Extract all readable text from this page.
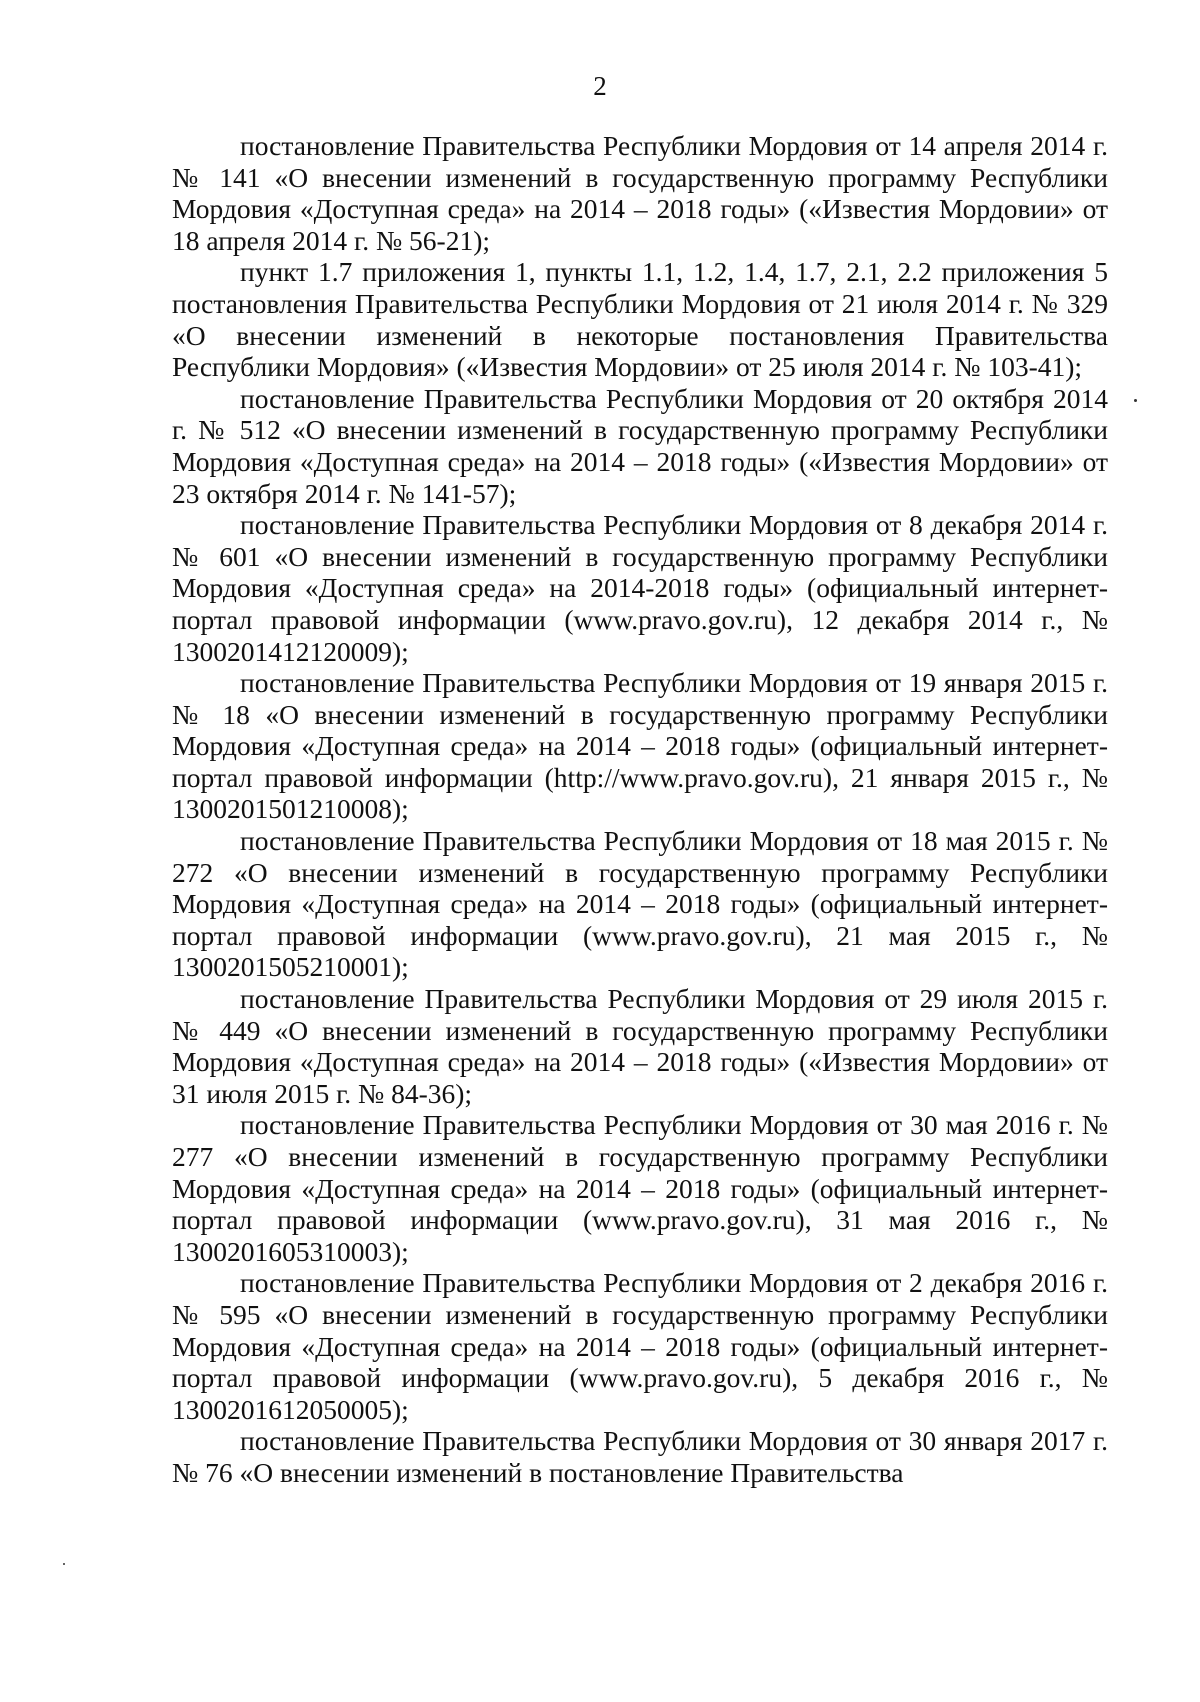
2

постановление Правительства Республики Мордовия от 14 апреля 2014 г. № 141 «О внесении изменений в государственную программу Республики Мордовия «Доступная среда» на 2014 – 2018 годы» («Известия Мордовии» от 18 апреля 2014 г. № 56-21);

пункт 1.7 приложения 1, пункты 1.1, 1.2, 1.4, 1.7, 2.1, 2.2 приложения 5 постановления Правительства Республики Мордовия от 21 июля 2014 г. № 329 «О внесении изменений в некоторые постановления Правительства Республики Мордовия» («Известия Мордовии» от 25 июля 2014 г. № 103-41);

постановление Правительства Республики Мордовия от 20 октября 2014 г. № 512 «О внесении изменений в государственную программу Республики Мордовия «Доступная среда» на 2014 – 2018 годы» («Известия Мордовии» от 23 октября 2014 г. № 141-57);

постановление Правительства Республики Мордовия от 8 декабря 2014 г. № 601 «О внесении изменений в государственную программу Республики Мордовия «Доступная среда» на 2014-2018 годы» (официальный интернет-портал правовой информации (www.pravo.gov.ru), 12 декабря 2014 г., № 1300201412120009);

постановление Правительства Республики Мордовия от 19 января 2015 г. № 18 «О внесении изменений в государственную программу Республики Мордовия «Доступная среда» на 2014 – 2018 годы» (официальный интернет-портал правовой информации (http://www.pravo.gov.ru), 21 января 2015 г., № 1300201501210008);

постановление Правительства Республики Мордовия от 18 мая 2015 г. № 272 «О внесении изменений в государственную программу Республики Мордовия «Доступная среда» на 2014 – 2018 годы» (официальный интернет-портал правовой информации (www.pravo.gov.ru), 21 мая 2015 г., № 1300201505210001);

постановление Правительства Республики Мордовия от 29 июля 2015 г. № 449 «О внесении изменений в государственную программу Республики Мордовия «Доступная среда» на 2014 – 2018 годы» («Известия Мордовии» от 31 июля 2015 г. № 84-36);

постановление Правительства Республики Мордовия от 30 мая 2016 г. № 277 «О внесении изменений в государственную программу Республики Мордовия «Доступная среда» на 2014 – 2018 годы» (официальный интернет-портал правовой информации (www.pravo.gov.ru), 31 мая 2016 г., № 1300201605310003);

постановление Правительства Республики Мордовия от 2 декабря 2016 г. № 595 «О внесении изменений в государственную программу Республики Мордовия «Доступная среда» на 2014 – 2018 годы» (официальный интернет-портал правовой информации (www.pravo.gov.ru), 5 декабря 2016 г., № 1300201612050005);

постановление Правительства Республики Мордовия от 30 января 2017 г. № 76 «О внесении изменений в постановление Правительства
